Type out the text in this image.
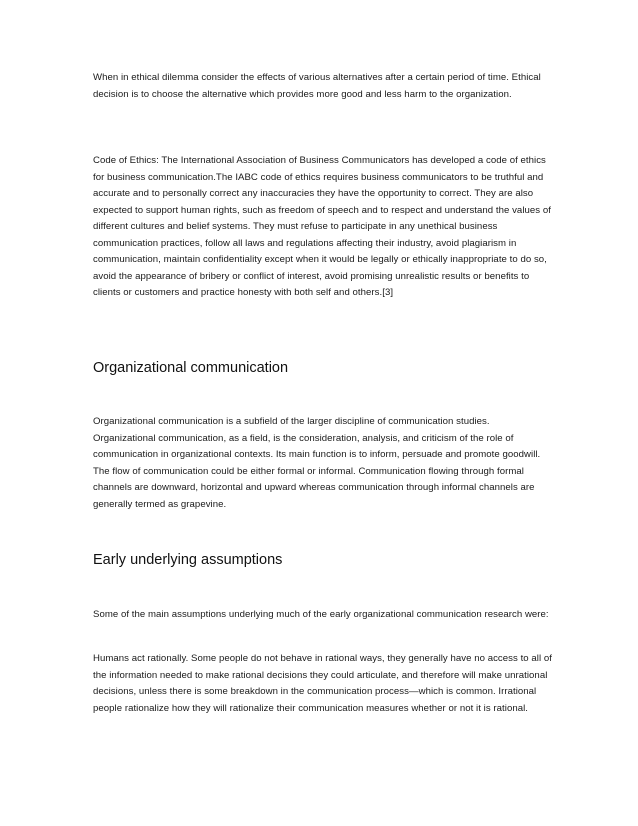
When in ethical dilemma consider the effects of various alternatives after a certain period of time. Ethical decision is to choose the alternative which provides more good and less harm to the organization.

Code of Ethics: The International Association of Business Communicators has developed a code of ethics for business communication.The IABC code of ethics requires business communicators to be truthful and accurate and to personally correct any inaccuracies they have the opportunity to correct. They are also expected to support human rights, such as freedom of speech and to respect and understand the values of different cultures and belief systems. They must refuse to participate in any unethical business communication practices, follow all laws and regulations affecting their industry, avoid plagiarism in communication, maintain confidentiality except when it would be legally or ethically inappropriate to do so, avoid the appearance of bribery or conflict of interest, avoid promising unrealistic results or benefits to clients or customers and practice honesty with both self and others.[3]

Organizational communication

Organizational communication is a subfield of the larger discipline of communication studies. Organizational communication, as a field, is the consideration, analysis, and criticism of the role of communication in organizational contexts. Its main function is to inform, persuade and promote goodwill. The flow of communication could be either formal or informal. Communication flowing through formal channels are downward, horizontal and upward whereas communication through informal channels are generally termed as grapevine.

Early underlying assumptions

Some of the main assumptions underlying much of the early organizational communication research were:

Humans act rationally. Some people do not behave in rational ways, they generally have no access to all of the information needed to make rational decisions they could articulate, and therefore will make unrational decisions, unless there is some breakdown in the communication process—which is common. Irrational people rationalize how they will rationalize their communication measures whether or not it is rational.
